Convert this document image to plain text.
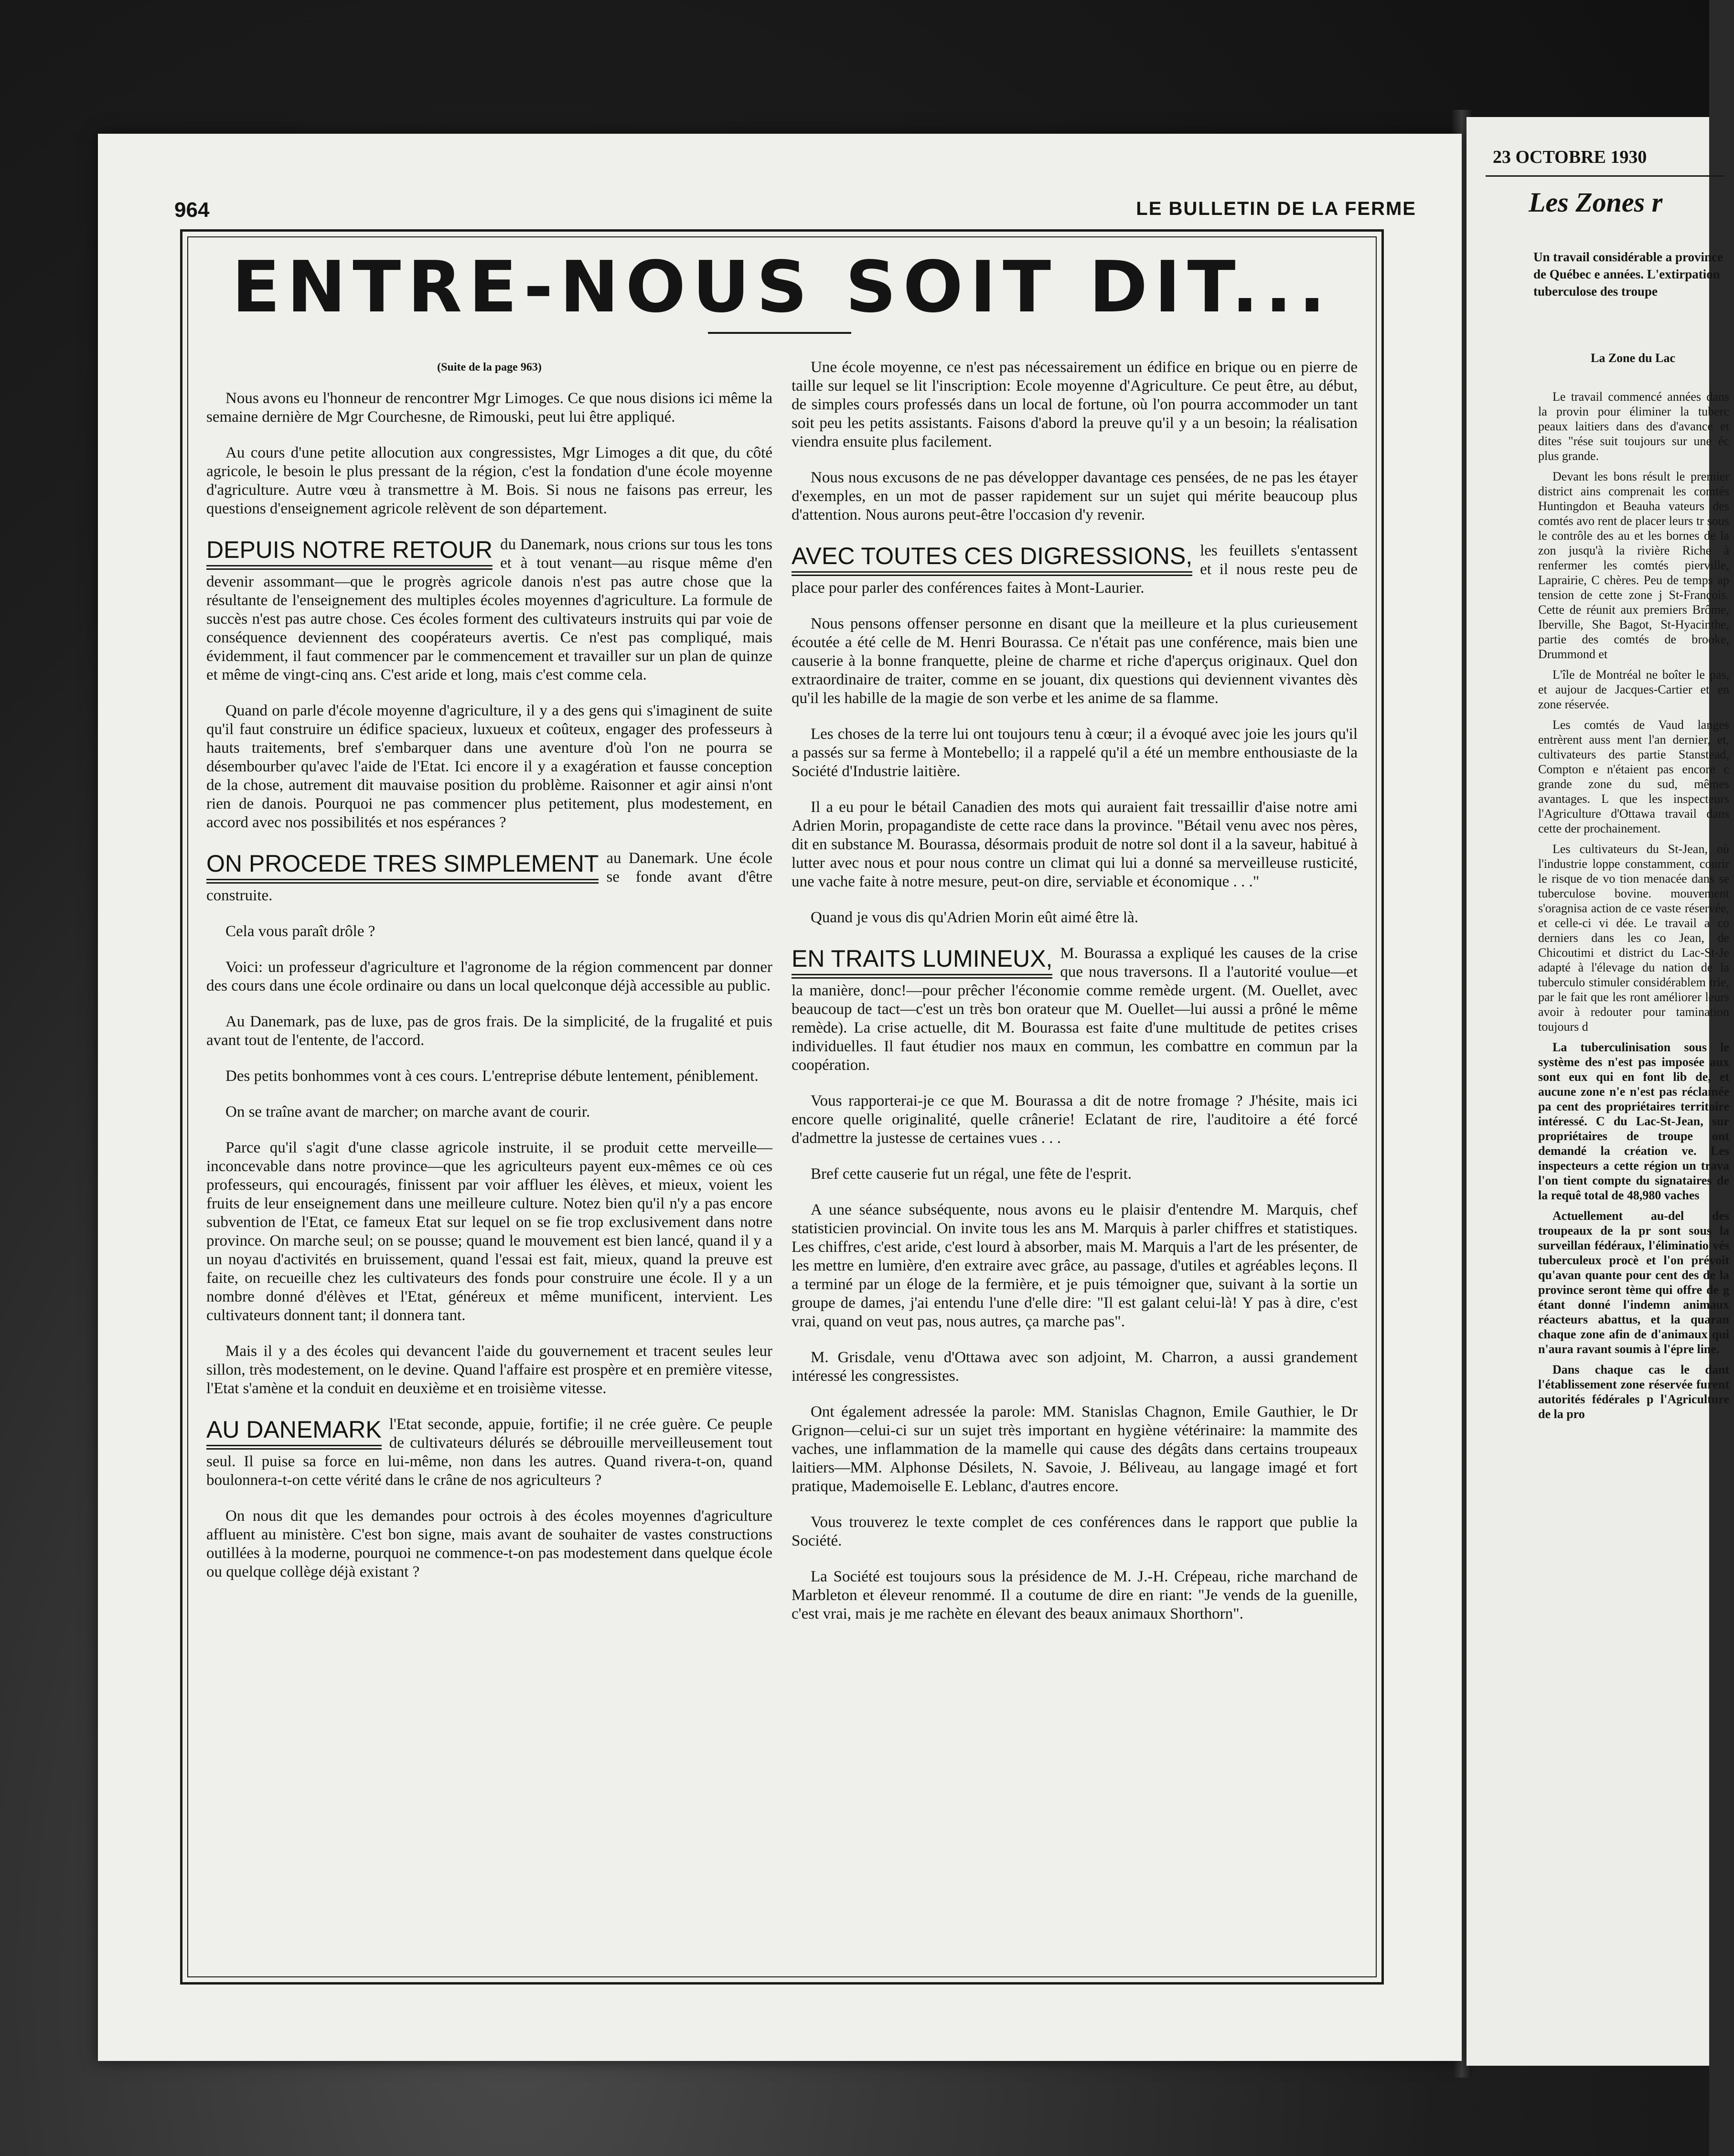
964	LE BULLETIN DE LA FERME
ENTRE-NOUS SOIT DIT...

(Suite de la page 963)

Nous avons eu l'honneur de rencontrer Mgr Limoges. Ce que nous disions ici même la semaine dernière de Mgr Courchesne, de Rimouski, peut lui être appliqué.

Au cours d'une petite allocution aux congressistes, Mgr Limoges a dit que, du côté agricole, le besoin le plus pressant de la région, c'est la fondation d'une école moyenne d'agriculture. Autre vœu à transmettre à M. Bois. Si nous ne faisons pas erreur, les questions d'enseignement agricole relèvent de son département.

DEPUIS NOTRE RETOUR du Danemark, nous crions sur tous les tons et à tout venant—au risque même d'en devenir assommant—que le progrès agricole danois n'est pas autre chose que la résultante de l'enseignement des multiples écoles moyennes d'agriculture. La formule de succès n'est pas autre chose. Ces écoles forment des cultivateurs instruits qui par voie de conséquence deviennent des coopérateurs avertis. Ce n'est pas compliqué, mais évidemment, il faut commencer par le commencement et travailler sur un plan de quinze et même de vingt-cinq ans. C'est aride et long, mais c'est comme cela.

Quand on parle d'école moyenne d'agriculture, il y a des gens qui s'imaginent de suite qu'il faut construire un édifice spacieux, luxueux et coûteux, engager des professeurs à hauts traitements, bref s'embarquer dans une aventure d'où l'on ne pourra se désembourber qu'avec l'aide de l'Etat. Ici encore il y a exagération et fausse conception de la chose, autrement dit mauvaise position du problème. Raisonner et agir ainsi n'ont rien de danois. Pourquoi ne pas commencer plus petitement, plus modestement, en accord avec nos possibilités et nos espérances ?

ON PROCEDE TRES SIMPLEMENT au Danemark. Une école se fonde avant d'être construite.

Cela vous paraît drôle ?

Voici: un professeur d'agriculture et l'agronome de la région commencent par donner des cours dans une école ordinaire ou dans un local quelconque déjà accessible au public.

Au Danemark, pas de luxe, pas de gros frais. De la simplicité, de la frugalité et puis avant tout de l'entente, de l'accord.

Des petits bonhommes vont à ces cours. L'entreprise débute lentement, péniblement.

On se traîne avant de marcher; on marche avant de courir.

Parce qu'il s'agit d'une classe agricole instruite, il se produit cette merveille—inconcevable dans notre province—que les agriculteurs payent eux-mêmes ce où ces professeurs, qui encouragés, finissent par voir affluer les élèves, et mieux, voient les fruits de leur enseignement dans une meilleure culture. Notez bien qu'il n'y a pas encore subvention de l'Etat, ce fameux Etat sur lequel on se fie trop exclusivement dans notre province. On marche seul; on se pousse; quand le mouvement est bien lancé, quand il y a un noyau d'activités en bruissement, quand l'essai est fait, mieux, quand la preuve est faite, on recueille chez les cultivateurs des fonds pour construire une école. Il y a un nombre donné d'élèves et l'Etat, généreux et même munificent, intervient. Les cultivateurs donnent tant; il donnera tant.

Mais il y a des écoles qui devancent l'aide du gouvernement et tracent seules leur sillon, très modestement, on le devine. Quand l'affaire est prospère et en première vitesse, l'Etat s'amène et la conduit en deuxième et en troisième vitesse.

AU DANEMARK l'Etat seconde, appuie, fortifie; il ne crée guère. Ce peuple de cultivateurs délurés se débrouille merveilleusement tout seul. Il puise sa force en lui-même, non dans les autres. Quand rivera-t-on, quand boulonnera-t-on cette vérité dans le crâne de nos agriculteurs ?

On nous dit que les demandes pour octrois à des écoles moyennes d'agriculture affluent au ministère. C'est bon signe, mais avant de souhaiter de vastes constructions outillées à la moderne, pourquoi ne commence-t-on pas modestement dans quelque école ou quelque collège déjà existant ?

Une école moyenne, ce n'est pas nécessairement un édifice en brique ou en pierre de taille sur lequel se lit l'inscription: Ecole moyenne d'Agriculture. Ce peut être, au début, de simples cours professés dans un local de fortune, où l'on pourra accommoder un tant soit peu les petits assistants. Faisons d'abord la preuve qu'il y a un besoin; la réalisation viendra ensuite plus facilement.

Nous nous excusons de ne pas développer davantage ces pensées, de ne pas les étayer d'exemples, en un mot de passer rapidement sur un sujet qui mérite beaucoup plus d'attention. Nous aurons peut-être l'occasion d'y revenir.

AVEC TOUTES CES DIGRESSIONS, les feuillets s'entassent et il nous reste peu de place pour parler des conférences faites à Mont-Laurier.

Nous pensons offenser personne en disant que la meilleure et la plus curieusement écoutée a été celle de M. Henri Bourassa. Ce n'était pas une conférence, mais bien une causerie à la bonne franquette, pleine de charme et riche d'aperçus originaux. Quel don extraordinaire de traiter, comme en se jouant, dix questions qui deviennent vivantes dès qu'il les habille de la magie de son verbe et les anime de sa flamme.

Les choses de la terre lui ont toujours tenu à cœur; il a évoqué avec joie les jours qu'il a passés sur sa ferme à Montebello; il a rappelé qu'il a été un membre enthousiaste de la Société d'Industrie laitière.

Il a eu pour le bétail Canadien des mots qui auraient fait tressaillir d'aise notre ami Adrien Morin, propagandiste de cette race dans la province. "Bétail venu avec nos pères, dit en substance M. Bourassa, désormais produit de notre sol dont il a la saveur, habitué à lutter avec nous et pour nous contre un climat qui lui a donné sa merveilleuse rusticité, une vache faite à notre mesure, peut-on dire, serviable et économique . . ."

Quand je vous dis qu'Adrien Morin eût aimé être là.

EN TRAITS LUMINEUX, M. Bourassa a expliqué les causes de la crise que nous traversons. Il a l'autorité voulue—et la manière, donc!—pour prêcher l'économie comme remède urgent. (M. Ouellet, avec beaucoup de tact—c'est un très bon orateur que M. Ouellet—lui aussi a prôné le même remède). La crise actuelle, dit M. Bourassa est faite d'une multitude de petites crises individuelles. Il faut étudier nos maux en commun, les combattre en commun par la coopération.

Vous rapporterai-je ce que M. Bourassa a dit de notre fromage ? J'hésite, mais ici encore quelle originalité, quelle crânerie! Eclatant de rire, l'auditoire a été forcé d'admettre la justesse de certaines vues . . .

Bref cette causerie fut un régal, une fête de l'esprit.

A une séance subséquente, nous avons eu le plaisir d'entendre M. Marquis, chef statisticien provincial. On invite tous les ans M. Marquis à parler chiffres et statistiques. Les chiffres, c'est aride, c'est lourd à absorber, mais M. Marquis a l'art de les présenter, de les mettre en lumière, d'en extraire avec grâce, au passage, d'utiles et agréables leçons. Il a terminé par un éloge de la fermière, et je puis témoigner que, suivant à la sortie un groupe de dames, j'ai entendu l'une d'elle dire: "Il est galant celui-là! Y pas à dire, c'est vrai, quand on veut pas, nous autres, ça marche pas".

M. Grisdale, venu d'Ottawa avec son adjoint, M. Charron, a aussi grandement intéressé les congressistes.

Ont également adressée la parole: MM. Stanislas Chagnon, Emile Gauthier, le Dr Grignon—celui-ci sur un sujet très important en hygiène vétérinaire: la mammite des vaches, une inflammation de la mamelle qui cause des dégâts dans certains troupeaux laitiers—MM. Alphonse Désilets, N. Savoie, J. Béliveau, au langage imagé et fort pratique, Mademoiselle E. Leblanc, d'autres encore.

Vous trouverez le texte complet de ces conférences dans le rapport que publie la Société.

La Société est toujours sous la présidence de M. J.-H. Crépeau, riche marchand de Marbleton et éleveur renommé. Il a coutume de dire en riant: "Je vends de la guenille, c'est vrai, mais je me rachète en élevant des beaux animaux Shorthorn".

23 OCTOBRE 1930
Les Zones r
Un travail considérable a province de Québec e années. L'extirpation tuberculose des troupe
La Zone du Lac

Le travail commencé années dans la provin pour éliminer la tuberc peaux laitiers dans des d'avance et dites "rése suit toujours sur une éc plus grande.

Devant les bons résult le premier district ains comprenait les comtés Huntingdon et Beauha vateurs des comtés avo rent de placer leurs tr sous le contrôle des au et les bornes de la zon jusqu'à la rivière Riche à renfermer les comtés pierville, Laprairie, C chères. Peu de temps ap tension de cette zone j St-François. Cette de réunit aux premiers Brôme, Iberville, She Bagot, St-Hyacinthe, partie des comtés de brooke, Drummond et

L'île de Montréal ne boîter le pas, et aujour de Jacques-Cartier et en zone réservée.

Les comtés de Vaud langes entrèrent auss ment l'an dernier, et, cultivateurs des partie Stanstead, Compton e n'étaient pas encore c grande zone du sud, mêmes avantages. L que les inspecteurs l'Agriculture d'Ottawa travail dans cette der prochainement.

Les cultivateurs du St-Jean, où l'industrie loppe constamment, courir le risque de vo tion menacée dans se tuberculose bovine. mouvement s'oragnisa action de ce vaste réservée, et celle-ci vi dée. Le travail a co derniers dans les co Jean, de Chicoutimi et district du Lac-St-Je adapté à l'élevage du nation de la tuberculo stimuler considérablem trie, par le fait que les ront améliorer leurs avoir à redouter pour tamination toujours d

La tuberculinisation sous le système des n'est pas imposée aux sont eux qui en font lib de, et aucune zone n'e n'est pas réclamée pa cent des propriétaires territoire intéressé. C du Lac-St-Jean, sur propriétaires de troupe ont demandé la création ve. Les inspecteurs a cette région un trava l'on tient compte du signataires de la requê total de 48,980 vaches

Actuellement au-del des troupeaux de la pr sont sous la surveillan fédéraux, l'éliminatio vés tuberculeux procè et l'on prévoit qu'avan quante pour cent des de la province seront tème qui offre de g étant donné l'indemn animaux réacteurs abattus, et la quaran chaque zone afin de d'animaux qui n'aura ravant soumis à l'épre line.

Dans chaque cas le dant l'établissement zone réservée furent autorités fédérales p l'Agriculture de la pro
